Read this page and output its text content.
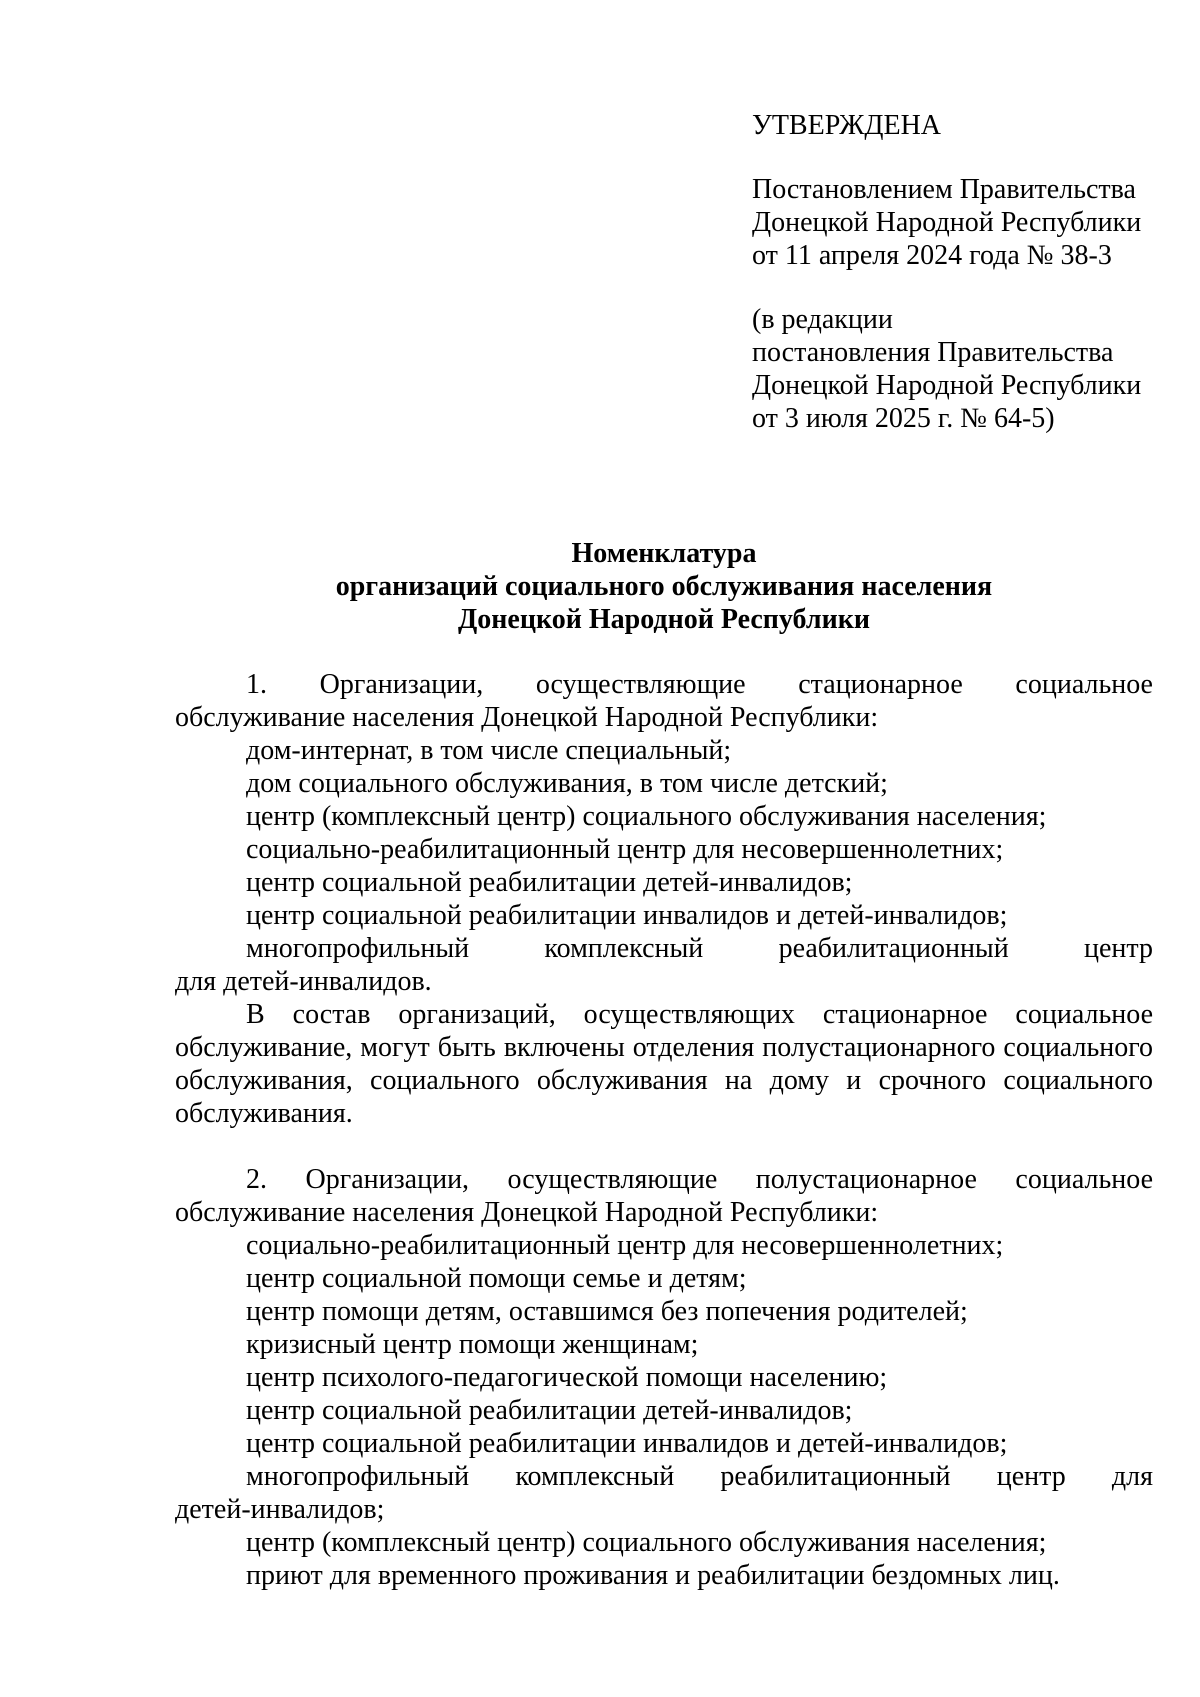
УТВЕРЖДЕНА
Постановлением Правительства
Донецкой Народной Республики
от 11 апреля 2024 года № 38-3
(в редакции
постановления Правительства
Донецкой Народной Республики
от 3 июля 2025 г. № 64-5)
Номенклатура
организаций социального обслуживания населения
Донецкой Народной Республики
1. Организации, осуществляющие стационарное социальное
обслуживание населения Донецкой Народной Республики:
дом-интернат, в том числе специальный;
дом социального обслуживания, в том числе детский;
центр (комплексный центр) социального обслуживания населения;
социально-реабилитационный центр для несовершеннолетних;
центр социальной реабилитации детей-инвалидов;
центр социальной реабилитации инвалидов и детей-инвалидов;
многопрофильный комплексный реабилитационный центр
для детей-инвалидов.
В состав организаций, осуществляющих стационарное социальное обслуживание, могут быть включены отделения полустационарного социального обслуживания, социального обслуживания на дому и срочного социального обслуживания.
2. Организации, осуществляющие полустационарное социальное
обслуживание населения Донецкой Народной Республики:
социально-реабилитационный центр для несовершеннолетних;
центр социальной помощи семье и детям;
центр помощи детям, оставшимся без попечения родителей;
кризисный центр помощи женщинам;
центр психолого-педагогической помощи населению;
центр социальной реабилитации детей-инвалидов;
центр социальной реабилитации инвалидов и детей-инвалидов;
многопрофильный комплексный реабилитационный центр для
детей-инвалидов;
центр (комплексный центр) социального обслуживания населения;
приют для временного проживания и реабилитации бездомных лиц.
